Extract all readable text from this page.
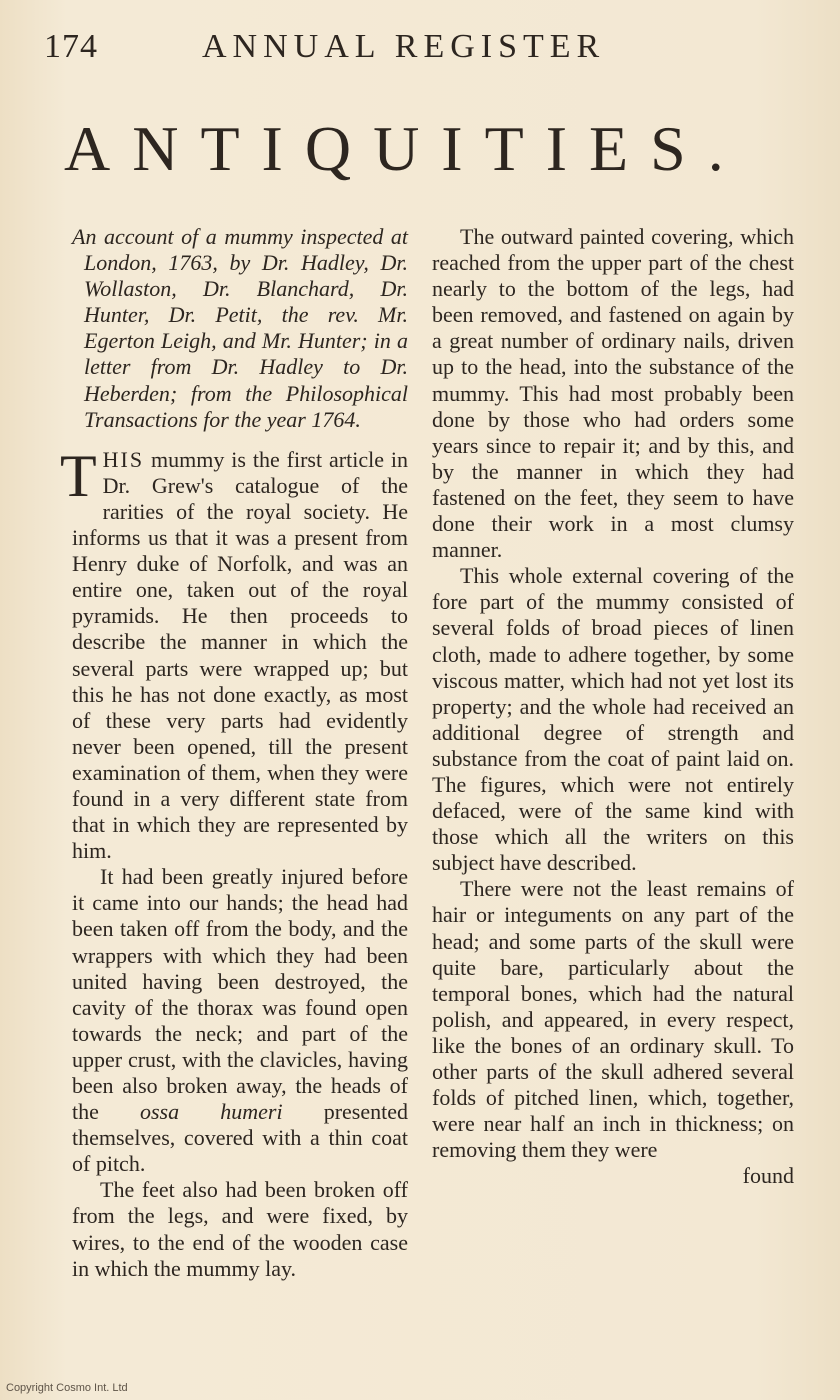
174	ANNUAL REGISTER
ANTIQUITIES.

An account of a mummy inspected at London, 1763, by Dr. Hadley, Dr. Wollaston, Dr. Blanchard, Dr. Hunter, Dr. Petit, the rev. Mr. Egerton Leigh, and Mr. Hunter; in a letter from Dr. Hadley to Dr. Heberden; from the Philosophical Transactions for the year 1764.

THIS mummy is the first article in Dr. Grew's catalogue of the rarities of the royal society. He informs us that it was a present from Henry duke of Norfolk, and was an entire one, taken out of the royal pyramids. He then proceeds to describe the manner in which the several parts were wrapped up; but this he has not done exactly, as most of these very parts had evidently never been opened, till the present examination of them, when they were found in a very different state from that in which they are represented by him.

It had been greatly injured before it came into our hands; the head had been taken off from the body, and the wrappers with which they had been united having been destroyed, the cavity of the thorax was found open towards the neck; and part of the upper crust, with the clavicles, having been also broken away, the heads of the ossa humeri presented themselves, covered with a thin coat of pitch.

The feet also had been broken off from the legs, and were fixed, by wires, to the end of the wooden case in which the mummy lay.

The outward painted covering, which reached from the upper part of the chest nearly to the bottom of the legs, had been removed, and fastened on again by a great number of ordinary nails, driven up to the head, into the substance of the mummy. This had most probably been done by those who had orders some years since to repair it; and by this, and by the manner in which they had fastened on the feet, they seem to have done their work in a most clumsy manner.

This whole external covering of the fore part of the mummy consisted of several folds of broad pieces of linen cloth, made to adhere together, by some viscous matter, which had not yet lost its property; and the whole had received an additional degree of strength and substance from the coat of paint laid on. The figures, which were not entirely defaced, were of the same kind with those which all the writers on this subject have described.

There were not the least remains of hair or integuments on any part of the head; and some parts of the skull were quite bare, particularly about the temporal bones, which had the natural polish, and appeared, in every respect, like the bones of an ordinary skull. To other parts of the skull adhered several folds of pitched linen, which, together, were near half an inch in thickness; on removing them they were

found

Copyright Cosmo Int. Ltd
